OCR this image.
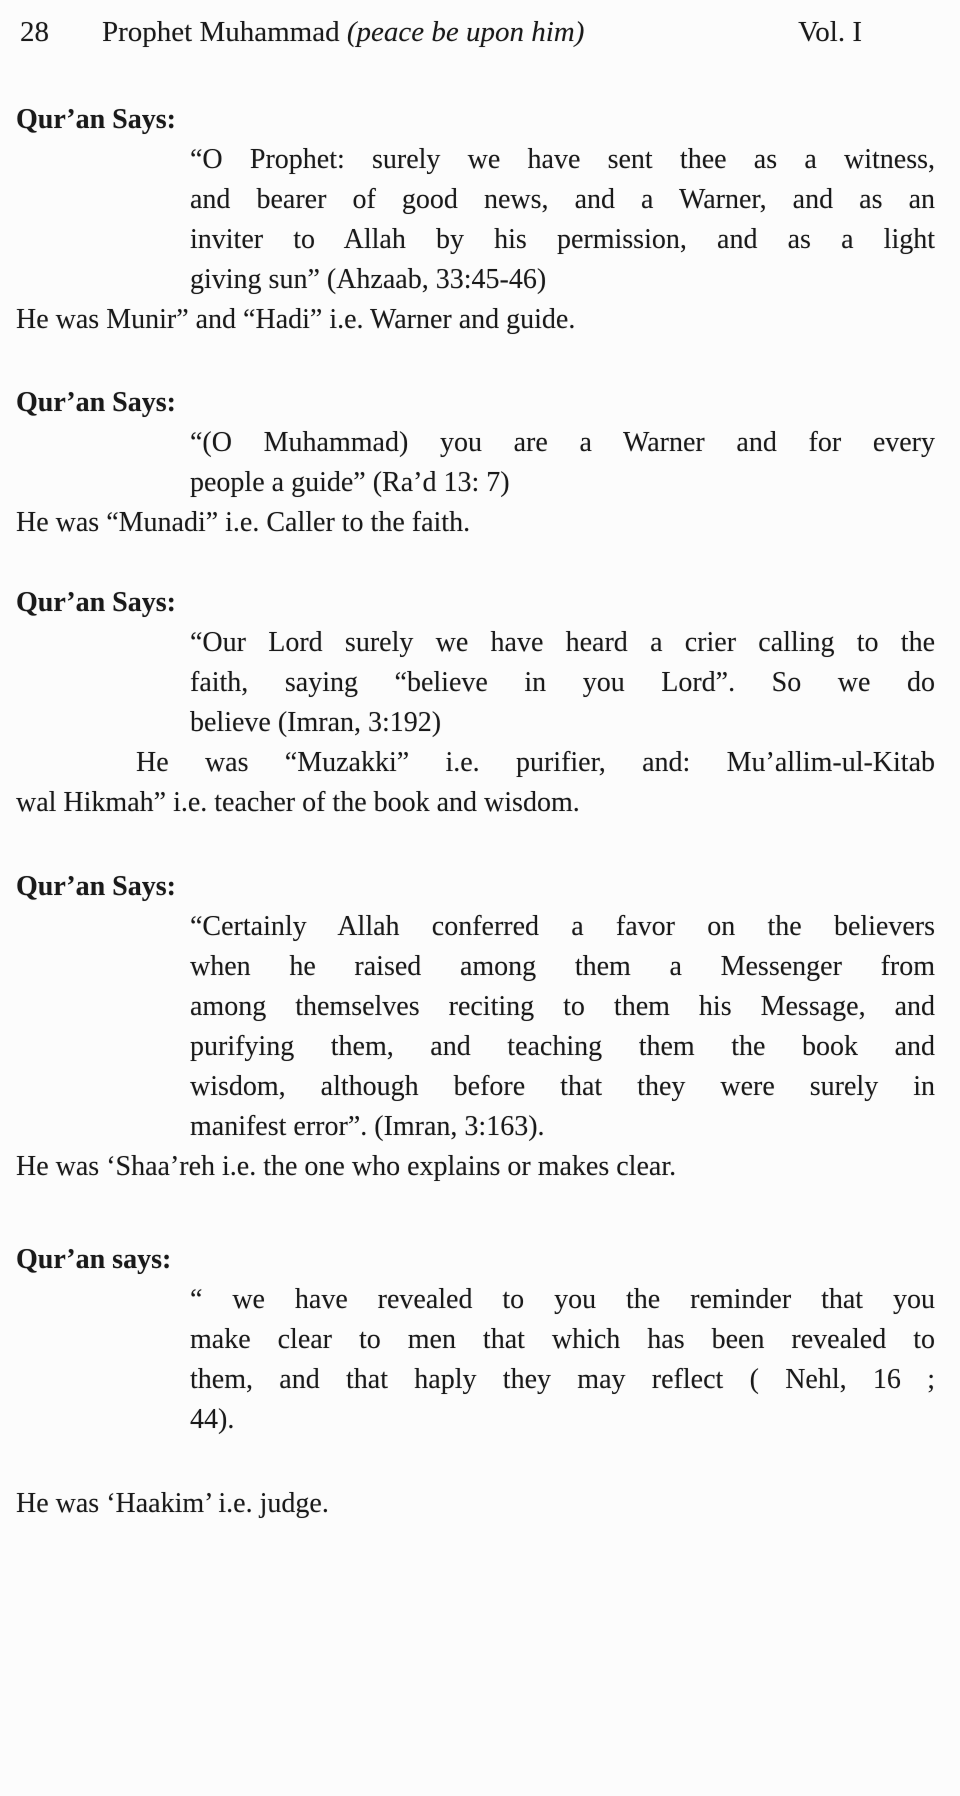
28	Prophet Muhammad (peace be upon him)	Vol. I
Qur’an Says:
“O Prophet: surely we have sent thee as a witness,
and bearer of good news, and a Warner, and as an
inviter to Allah by his permission, and as a light
giving sun” (Ahzaab, 33:45-46)
He was Munir” and “Hadi” i.e. Warner and guide.
Qur’an Says:
“(O Muhammad) you are a Warner and for every
people a guide” (Ra’d 13: 7)
He was “Munadi” i.e. Caller to the faith.
Qur’an Says:
“Our Lord surely we have heard a crier calling to the
faith, saying “believe in you Lord”. So we do
believe (Imran, 3:192)
He was “Muzakki” i.e. purifier, and: Mu’allim-ul-Kitab
wal Hikmah” i.e. teacher of the book and wisdom.
Qur’an Says:
“Certainly Allah conferred a favor on the believers
when he raised among them a Messenger from
among themselves reciting to them his Message, and
purifying them, and teaching them the book and
wisdom, although before that they were surely in
manifest error”. (Imran, 3:163).
He was ‘Shaa’reh i.e. the one who explains or makes clear.
Qur’an says:
“ we have revealed to you the reminder that you
make clear to men that which has been revealed to
them, and that haply they may reflect ( Nehl, 16 ;
44).
He was ‘Haakim’ i.e. judge.
